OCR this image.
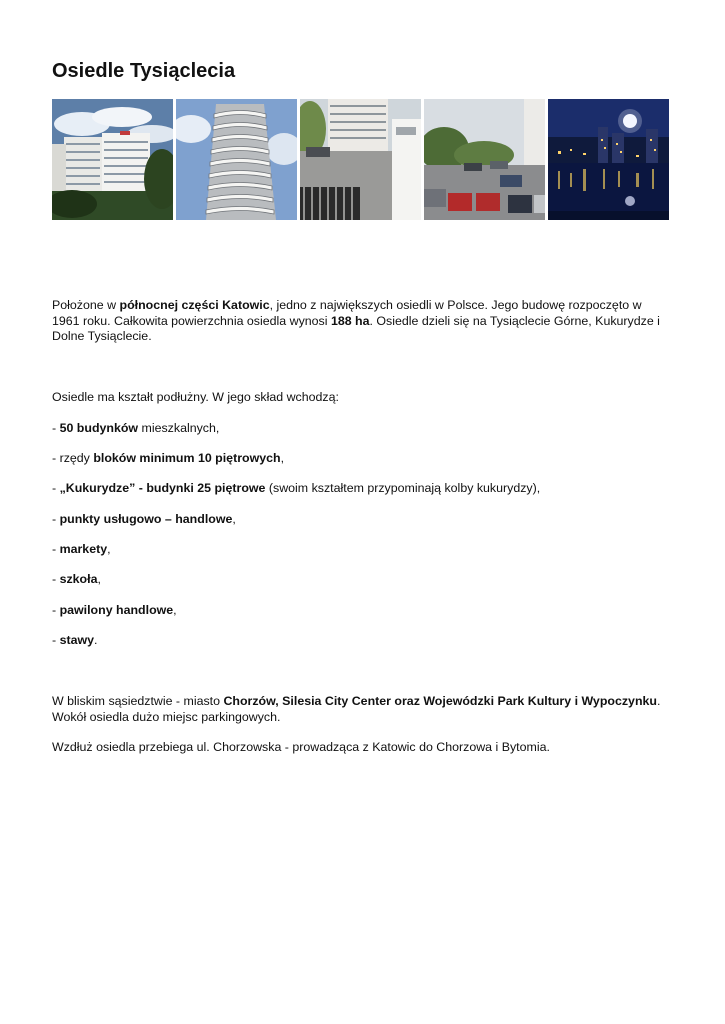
Osiedle Tysiąclecia

Położone w północnej części Katowic, jedno z największych osiedli w Polsce. Jego budowę rozpoczęto w 1961 roku. Całkowita powierzchnia osiedla wynosi 188 ha. Osiedle dzieli się na Tysiąclecie Górne, Kukurydze i Dolne Tysiąclecie.

Osiedle ma kształt podłużny. W jego skład wchodzą:

- 50 budynków mieszkalnych,

- rzędy bloków minimum 10 piętrowych,

- „Kukurydze” - budynki 25 piętrowe (swoim kształtem przypominają kolby kukurydzy),

- punkty usługowo – handlowe,

- markety,

- szkoła,

- pawilony handlowe,

- stawy.

W bliskim sąsiedztwie - miasto Chorzów, Silesia City Center oraz Wojewódzki Park Kultury i Wypoczynku. Wokół osiedla dużo miejsc parkingowych.

Wzdłuż osiedla przebiega ul. Chorzowska - prowadząca z Katowic do Chorzowa i Bytomia.
